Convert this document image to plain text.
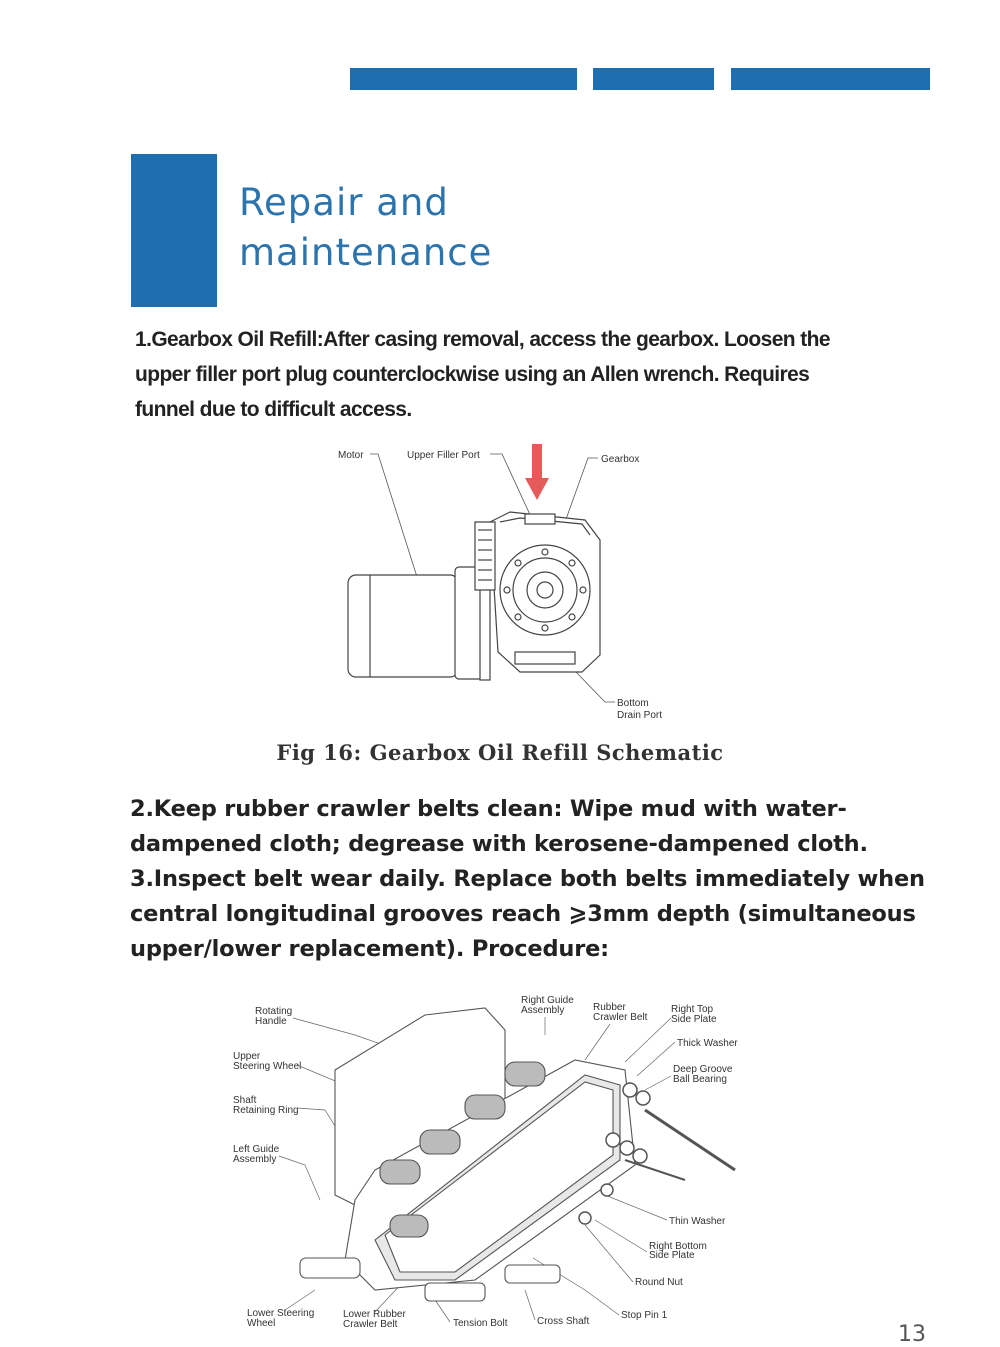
Repair and
maintenance
1.Gearbox Oil Refill:After casing removal, access the gearbox. Loosen the
upper filler port plug counterclockwise using an Allen wrench. Requires
funnel due to difficult access.
Motor	Upper Filler Port	Gearbox
Bottom
Drain Port
Fig 16: Gearbox Oil Refill Schematic
2.Keep rubber crawler belts clean: Wipe mud with water-
dampened cloth; degrease with kerosene-dampened cloth.
3.Inspect belt wear daily. Replace both belts immediately when
central longitudinal grooves reach ⩾3mm depth (simultaneous
upper/lower replacement). Procedure:
Rotating
Handle
Upper
Steering Wheel
Shaft
Retaining Ring
Left Guide
Assembly
Right Guide
Assembly	Rubber
Crawler Belt
Right Top
Side Plate
Thick Washer
Deep Groove
Ball Bearing
Thin Washer
Right Bottom
Side Plate
Round Nut
Stop Pin 1
Lower Steering
Wheel
Lower Rubber
Crawler Belt	Tension Bolt	Cross Shaft
13
